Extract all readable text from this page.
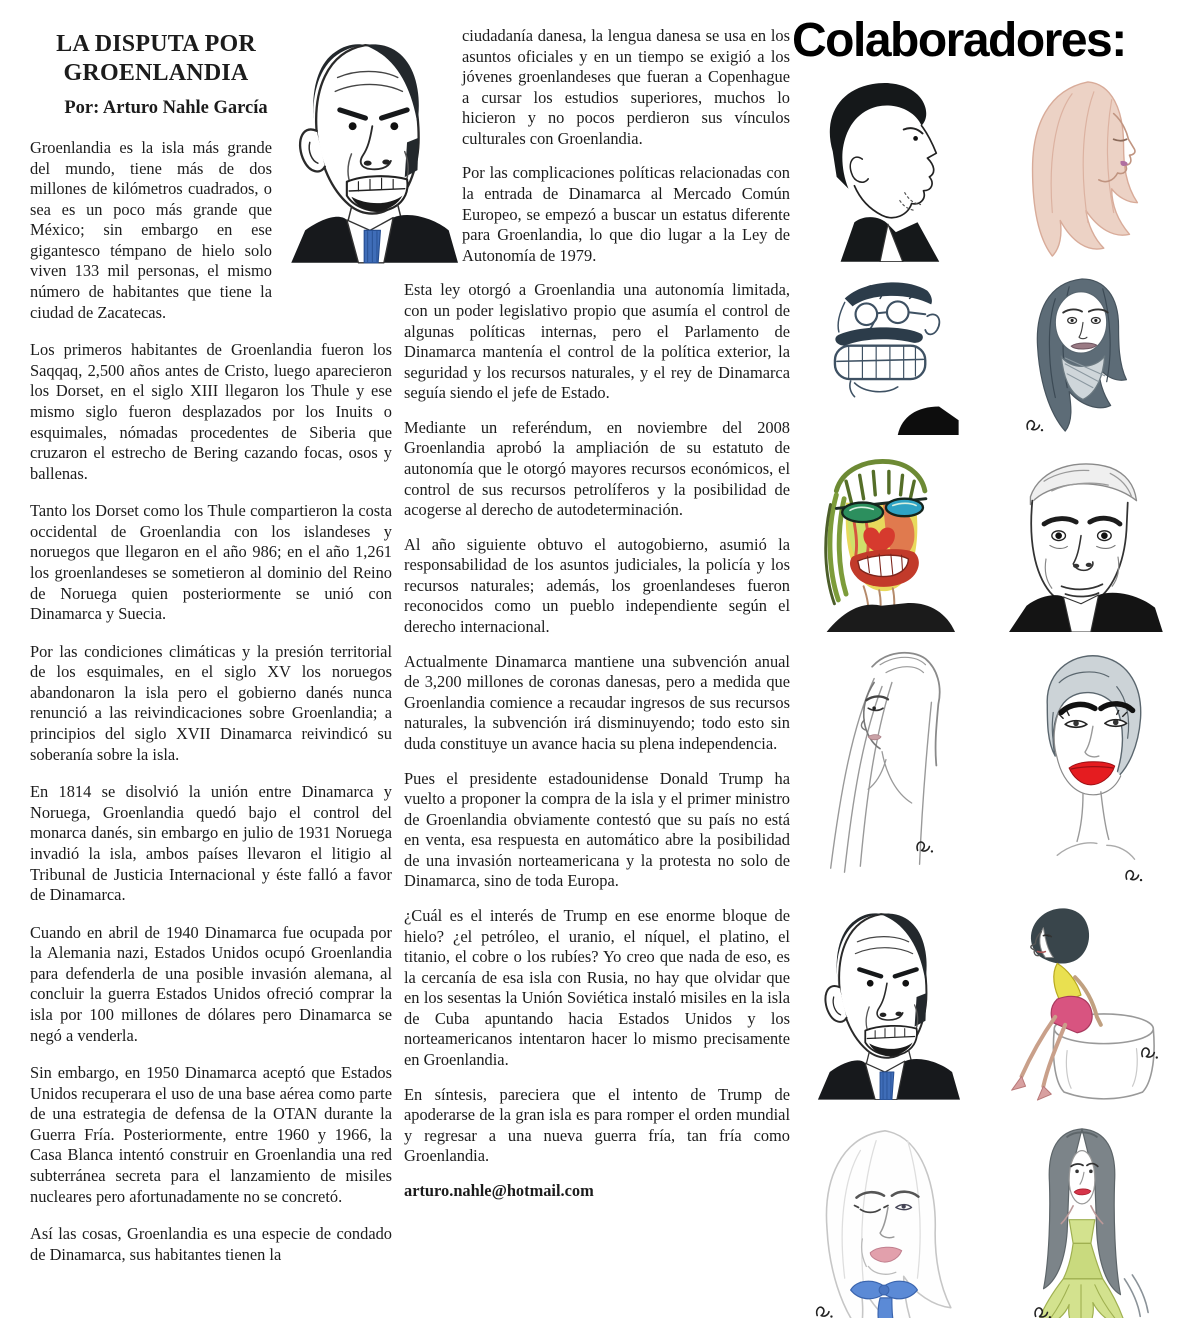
LA DISPUTA POR
GROENLANDIA
Por: Arturo Nahle García

Groenlandia es la isla más grande del mundo, tiene más de dos millones de kilómetros cuadrados, o sea es un poco más grande que México; sin embargo en ese gigantesco témpano de hielo solo viven 133 mil personas, el mismo número de habitantes que tiene la ciudad de Zacatecas.

Los primeros habitantes de Groenlandia fueron los Saqqaq, 2,500 años antes de Cristo, luego aparecieron los Dorset, en el siglo XIII llegaron los Thule y ese mismo siglo fueron desplazados por los Inuits o esquimales, nómadas procedentes de Siberia que cruzaron el estrecho de Bering cazando focas, osos y ballenas.

Tanto los Dorset como los Thule compartieron la costa occidental de Groenlandia con los islandeses y noruegos que llegaron en el año 986; en el año 1,261 los groenlandeses se sometieron al dominio del Reino de Noruega quien posteriormente se unió con Dinamarca y Suecia.

Por las condiciones climáticas y la presión territorial de los esquimales, en el siglo XV los noruegos abandonaron la isla pero el gobierno danés nunca renunció a las reivindicaciones sobre Groenlandia; a principios del siglo XVII Dinamarca reivindicó su soberanía sobre la isla.

En 1814 se disolvió la unión entre Dinamarca y Noruega, Groenlandia quedó bajo el control del monarca danés, sin embargo en julio de 1931 Noruega invadió la isla, ambos países llevaron el litigio al Tribunal de Justicia Internacional y éste falló a favor de Dinamarca.

Cuando en abril de 1940 Dinamarca fue ocupada por la Alemania nazi, Estados Unidos ocupó Groenlandia para defenderla de una posible invasión alemana, al concluir la guerra Estados Unidos ofreció comprar la isla por 100 millones de dólares pero Dinamarca se negó a venderla.

Sin embargo, en 1950 Dinamarca aceptó que Estados Unidos recuperara el uso de una base aérea como parte de una estrategia de defensa de la OTAN durante la Guerra Fría. Posteriormente, entre 1960 y 1966, la Casa Blanca intentó construir en Groenlandia una red subterránea secreta para el lanzamiento de misiles nucleares pero afortunadamente no se concretó.

Así las cosas, Groenlandia es una especie de condado de Dinamarca, sus habitantes tienen la

ciudadanía danesa, la lengua danesa se usa en los asuntos oficiales y en un tiempo se exigió a los jóvenes groenlandeses que fueran a Copenhague a cursar los estudios superiores, muchos lo hicieron y no pocos perdieron sus vínculos culturales con Groenlandia.

Por las complicaciones políticas relacionadas con la entrada de Dinamarca al Mercado Común Europeo, se empezó a buscar un estatus diferente para Groenlandia, lo que dio lugar a la Ley de Autonomía de 1979.

Esta ley otorgó a Groenlandia una autonomía limitada, con un poder legislativo propio que asumía el control de algunas políticas internas, pero el Parlamento de Dinamarca mantenía el control de la política exterior, la seguridad y los recursos naturales, y el rey de Dinamarca seguía siendo el jefe de Estado.

Mediante un referéndum, en noviembre del 2008 Groenlandia aprobó la ampliación de su estatuto de autonomía que le otorgó mayores recursos económicos, el control de sus recursos petrolíferos y la posibilidad de acogerse al derecho de autodeterminación.

Al año siguiente obtuvo el autogobierno, asumió la responsabilidad de los asuntos judiciales, la policía y los recursos naturales; además, los groenlandeses fueron reconocidos como un pueblo independiente según el derecho internacional.

Actualmente Dinamarca mantiene una subvención anual de 3,200 millones de coronas danesas, pero a medida que Groenlandia comience a recaudar ingresos de sus recursos naturales, la subvención irá disminuyendo; todo esto sin duda constituye un avance hacia su plena independencia.

Pues el presidente estadounidense Donald Trump ha vuelto a proponer la compra de la isla y el primer ministro de Groenlandia obviamente contestó que su país no está en venta, esa respuesta en automático abre la posibilidad de una invasión norteamericana y la protesta no solo de Dinamarca, sino de toda Europa.

¿Cuál es el interés de Trump en ese enorme bloque de hielo? ¿el petróleo, el uranio, el níquel, el platino, el titanio, el cobre o los rubíes? Yo creo que nada de eso, es la cercanía de esa isla con Rusia, no hay que olvidar que en los sesentas la Unión Soviética instaló misiles en la isla de Cuba apuntando hacia Estados Unidos y los norteamericanos intentaron hacer lo mismo precisamente en Groenlandia.

En síntesis, pareciera que el intento de Trump de apoderarse de la gran isla es para romper el orden mundial y regresar a una nueva guerra fría, tan fría como Groenlandia.

arturo.nahle@hotmail.com

Colaboradores:
